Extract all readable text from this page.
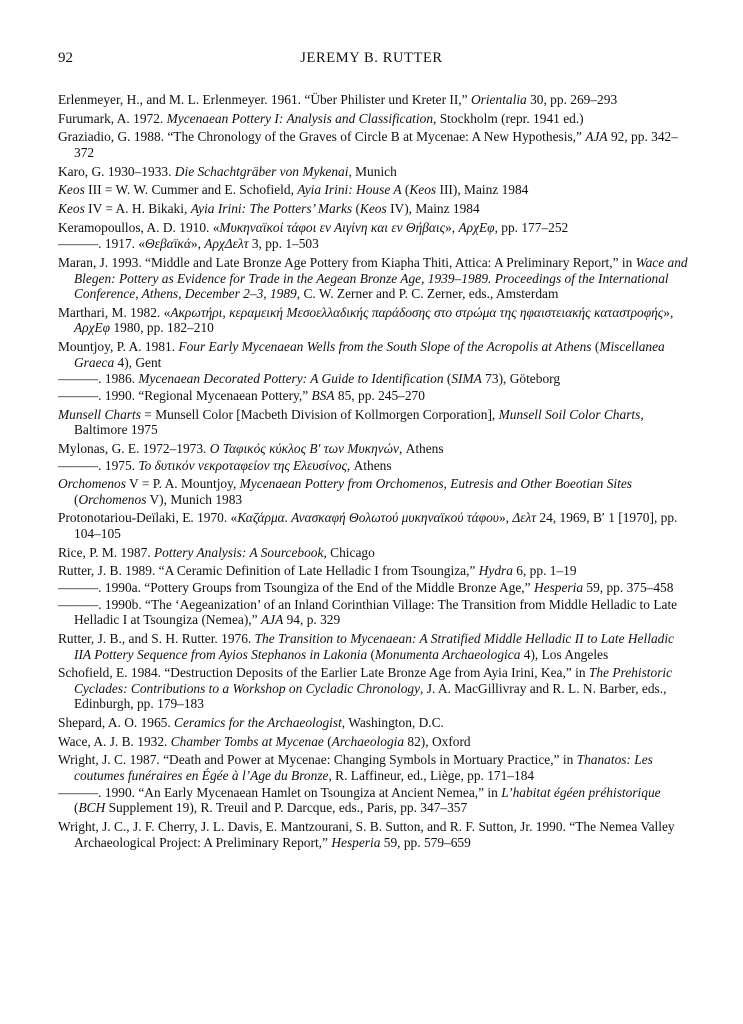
92	JEREMY B. RUTTER

Erlenmeyer, H., and M. L. Erlenmeyer. 1961. “Über Philister und Kreter II,” Orientalia 30, pp. 269–293

Furumark, A. 1972. Mycenaean Pottery I: Analysis and Classification, Stockholm (repr. 1941 ed.)

Graziadio, G. 1988. “The Chronology of the Graves of Circle B at Mycenae: A New Hypothesis,” AJA 92, pp. 342–372

Karo, G. 1930–1933. Die Schachtgräber von Mykenai, Munich

Keos III = W. W. Cummer and E. Schofield, Ayia Irini: House A (Keos III), Mainz 1984

Keos IV = A. H. Bikaki, Ayia Irini: The Potters’ Marks (Keos IV), Mainz 1984

Keramopoullos, A. D. 1910. «Μυκηναϊκοί τάφοι εν Αιγίνη και εν Θήβαις», ΑρχΕφ, pp. 177–252

———. 1917. «Θεβαϊκά», ΑρχΔελτ 3, pp. 1–503

Maran, J. 1993. “Middle and Late Bronze Age Pottery from Kiapha Thiti, Attica: A Preliminary Report,” in Wace and Blegen: Pottery as Evidence for Trade in the Aegean Bronze Age, 1939–1989. Proceedings of the International Conference, Athens, December 2–3, 1989, C. W. Zerner and P. C. Zerner, eds., Amsterdam

Marthari, M. 1982. «Ακρωτήρι, κεραμεική Μεσοελλαδικής παράδοσης στο στρώμα της ηφαιστειακής καταστροφής», ΑρχΕφ 1980, pp. 182–210

Mountjoy, P. A. 1981. Four Early Mycenaean Wells from the South Slope of the Acropolis at Athens (Miscellanea Graeca 4), Gent

———. 1986. Mycenaean Decorated Pottery: A Guide to Identification (SIMA 73), Göteborg

———. 1990. “Regional Mycenaean Pottery,” BSA 85, pp. 245–270

Munsell Charts = Munsell Color [Macbeth Division of Kollmorgen Corporation], Munsell Soil Color Charts, Baltimore 1975

Mylonas, G. E. 1972–1973. Ο Ταφικός κύκλος Β′ των Μυκηνών, Athens

———. 1975. Το δυτικόν νεκροταφείον της Ελευσίνος, Athens

Orchomenos V = P. A. Mountjoy, Mycenaean Pottery from Orchomenos, Eutresis and Other Boeotian Sites (Orchomenos V), Munich 1983

Protonotariou-Deïlaki, E. 1970. «Καζάρμα. Ανασκαφή Θολωτού μυκηναϊκού τάφου», Δελτ 24, 1969, Β′ 1 [1970], pp. 104–105

Rice, P. M. 1987. Pottery Analysis: A Sourcebook, Chicago

Rutter, J. B. 1989. “A Ceramic Definition of Late Helladic I from Tsoungiza,” Hydra 6, pp. 1–19

———. 1990a. “Pottery Groups from Tsoungiza of the End of the Middle Bronze Age,” Hesperia 59, pp. 375–458

———. 1990b. “The ‘Aegeanization’ of an Inland Corinthian Village: The Transition from Middle Helladic to Late Helladic I at Tsoungiza (Nemea),” AJA 94, p. 329

Rutter, J. B., and S. H. Rutter. 1976. The Transition to Mycenaean: A Stratified Middle Helladic II to Late Helladic IIA Pottery Sequence from Ayios Stephanos in Lakonia (Monumenta Archaeologica 4), Los Angeles

Schofield, E. 1984. “Destruction Deposits of the Earlier Late Bronze Age from Ayia Irini, Kea,” in The Prehistoric Cyclades: Contributions to a Workshop on Cycladic Chronology, J. A. MacGillivray and R. L. N. Barber, eds., Edinburgh, pp. 179–183

Shepard, A. O. 1965. Ceramics for the Archaeologist, Washington, D.C.

Wace, A. J. B. 1932. Chamber Tombs at Mycenae (Archaeologia 82), Oxford

Wright, J. C. 1987. “Death and Power at Mycenae: Changing Symbols in Mortuary Practice,” in Thanatos: Les coutumes funéraires en Égée à l’Age du Bronze, R. Laffineur, ed., Liège, pp. 171–184

———. 1990. “An Early Mycenaean Hamlet on Tsoungiza at Ancient Nemea,” in L’habitat égéen préhistorique (BCH Supplement 19), R. Treuil and P. Darcque, eds., Paris, pp. 347–357

Wright, J. C., J. F. Cherry, J. L. Davis, E. Mantzourani, S. B. Sutton, and R. F. Sutton, Jr. 1990. “The Nemea Valley Archaeological Project: A Preliminary Report,” Hesperia 59, pp. 579–659
